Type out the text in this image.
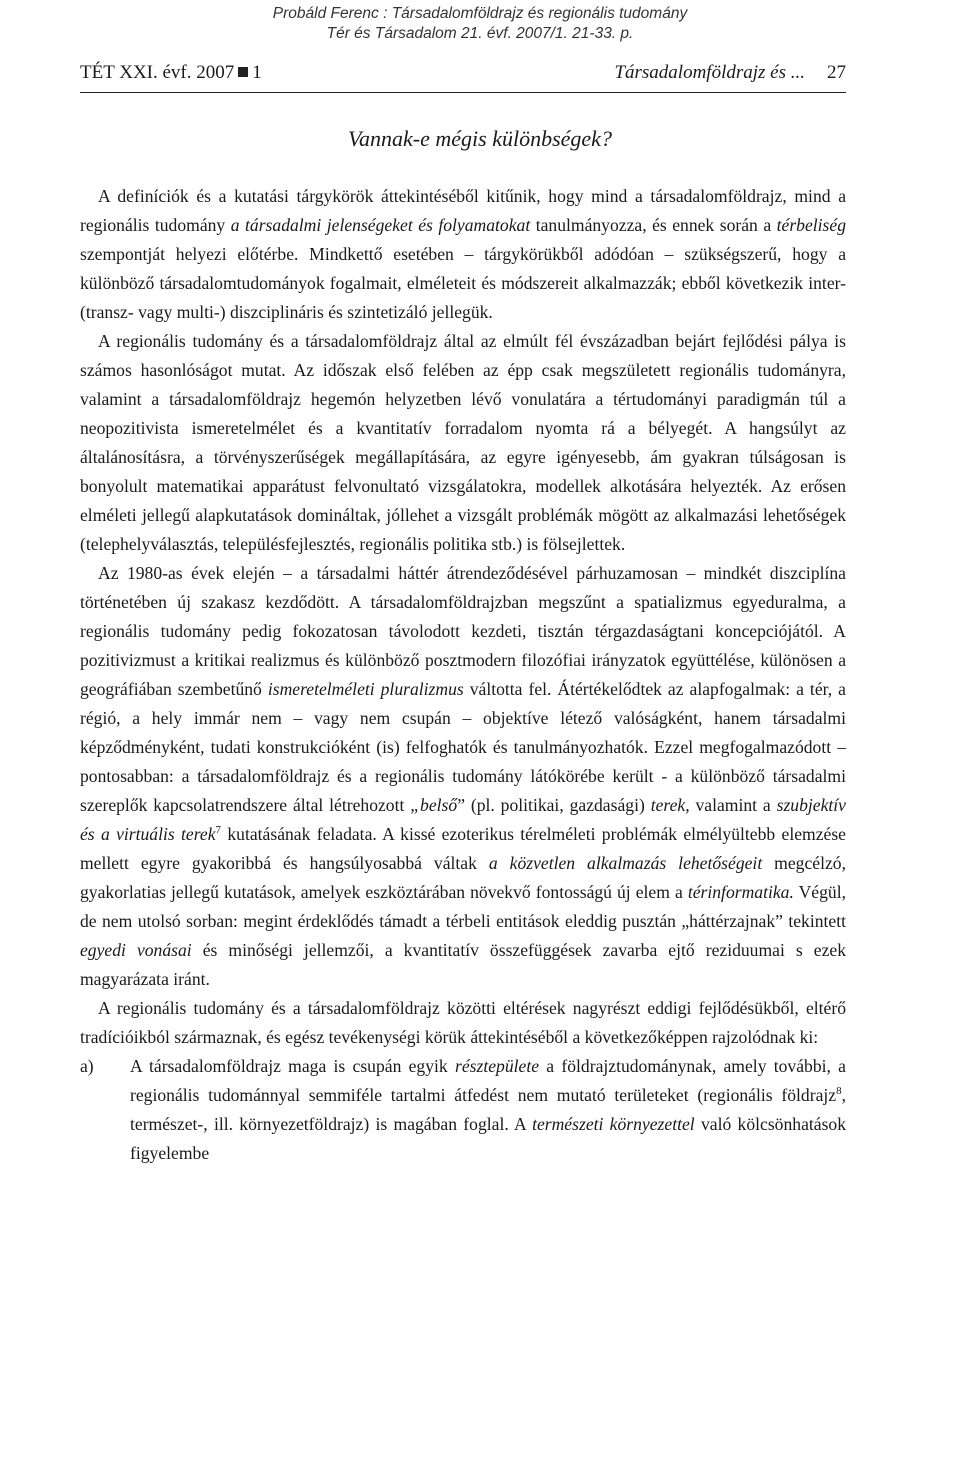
Probáld Ferenc : Társadalomföldrajz és regionális tudomány
Tér és Társadalom 21. évf. 2007/1. 21-33. p.
TÉT XXI. évf. 2007 1	Társadalomföldrajz és ... 27
Vannak-e mégis különbségek?

A definíciók és a kutatási tárgykörök áttekintéséből kitűnik, hogy mind a társadalomföldrajz, mind a regionális tudomány a társadalmi jelenségeket és folyamatokat tanulmányozza, és ennek során a térbeliség szempontját helyezi előtérbe. Mindkettő esetében – tárgykörükből adódóan – szükségszerű, hogy a különböző társadalomtudományok fogalmait, elméleteit és módszereit alkalmazzák; ebből következik inter- (transz- vagy multi-) diszciplináris és szintetizáló jellegük.

A regionális tudomány és a társadalomföldrajz által az elmúlt fél évszázadban bejárt fejlődési pálya is számos hasonlóságot mutat. Az időszak első felében az épp csak megszületett regionális tudományra, valamint a társadalomföldrajz hegemón helyzetben lévő vonulatára a tértudományi paradigmán túl a neopozitivista ismeretelmélet és a kvantitatív forradalom nyomta rá a bélyegét. A hangsúlyt az általánosításra, a törvényszerűségek megállapítására, az egyre igényesebb, ám gyakran túlságosan is bonyolult matematikai apparátust felvonultató vizsgálatokra, modellek alkotására helyezték. Az erősen elméleti jellegű alapkutatások domináltak, jóllehet a vizsgált problémák mögött az alkalmazási lehetőségek (telephelyválasztás, településfejlesztés, regionális politika stb.) is fölsejlettek.

Az 1980-as évek elején – a társadalmi háttér átrendeződésével párhuzamosan – mindkét diszciplína történetében új szakasz kezdődött. A társadalomföldrajzban megszűnt a spatializmus egyeduralma, a regionális tudomány pedig fokozatosan távolodott kezdeti, tisztán térgazdaságtani koncepciójától. A pozitivizmust a kritikai realizmus és különböző posztmodern filozófiai irányzatok együttélése, különösen a geográfiában szembetűnő ismeretelméleti pluralizmus váltotta fel. Átértékelődtek az alapfogalmak: a tér, a régió, a hely immár nem – vagy nem csupán – objektíve létező valóságként, hanem társadalmi képződményként, tudati konstrukcióként (is) felfoghatók és tanulmányozhatók. Ezzel megfogalmazódott – pontosabban: a társadalomföldrajz és a regionális tudomány látókörébe került - a különböző társadalmi szereplők kapcsolatrendszere által létrehozott „belső” (pl. politikai, gazdasági) terek, valamint a szubjektív és a virtuális terek$^7$ kutatásának feladata. A kissé ezoterikus térelméleti problémák elmélyültebb elemzése mellett egyre gyakoribbá és hangsúlyosabbá váltak a közvetlen alkalmazás lehetőségeit megcélzó, gyakorlatias jellegű kutatások, amelyek eszköztárában növekvő fontosságú új elem a térinformatika. Végül, de nem utolsó sorban: megint érdeklődés támadt a térbeli entitások eleddig pusztán „háttérzajnak” tekintett egyedi vonásai és minőségi jellemzői, a kvantitatív összefüggések zavarba ejtő reziduumai s ezek magyarázata iránt.

A regionális tudomány és a társadalomföldrajz közötti eltérések nagyrészt eddigi fejlődésükből, eltérő tradícióikból származnak, és egész tevékenységi körük áttekintéséből a következőképpen rajzolódnak ki:

a) A társadalomföldrajz maga is csupán egyik résztерülete a földrajztudománynak, amely további, a regionális tudománnyal semmiféle tartalmi átfedést nem mutató területeket (regionális földrajz$^8$, természet-, ill. környezetföldrajz) is magában foglal. A természeti környezettel való kölcsönhatások figyelembe
